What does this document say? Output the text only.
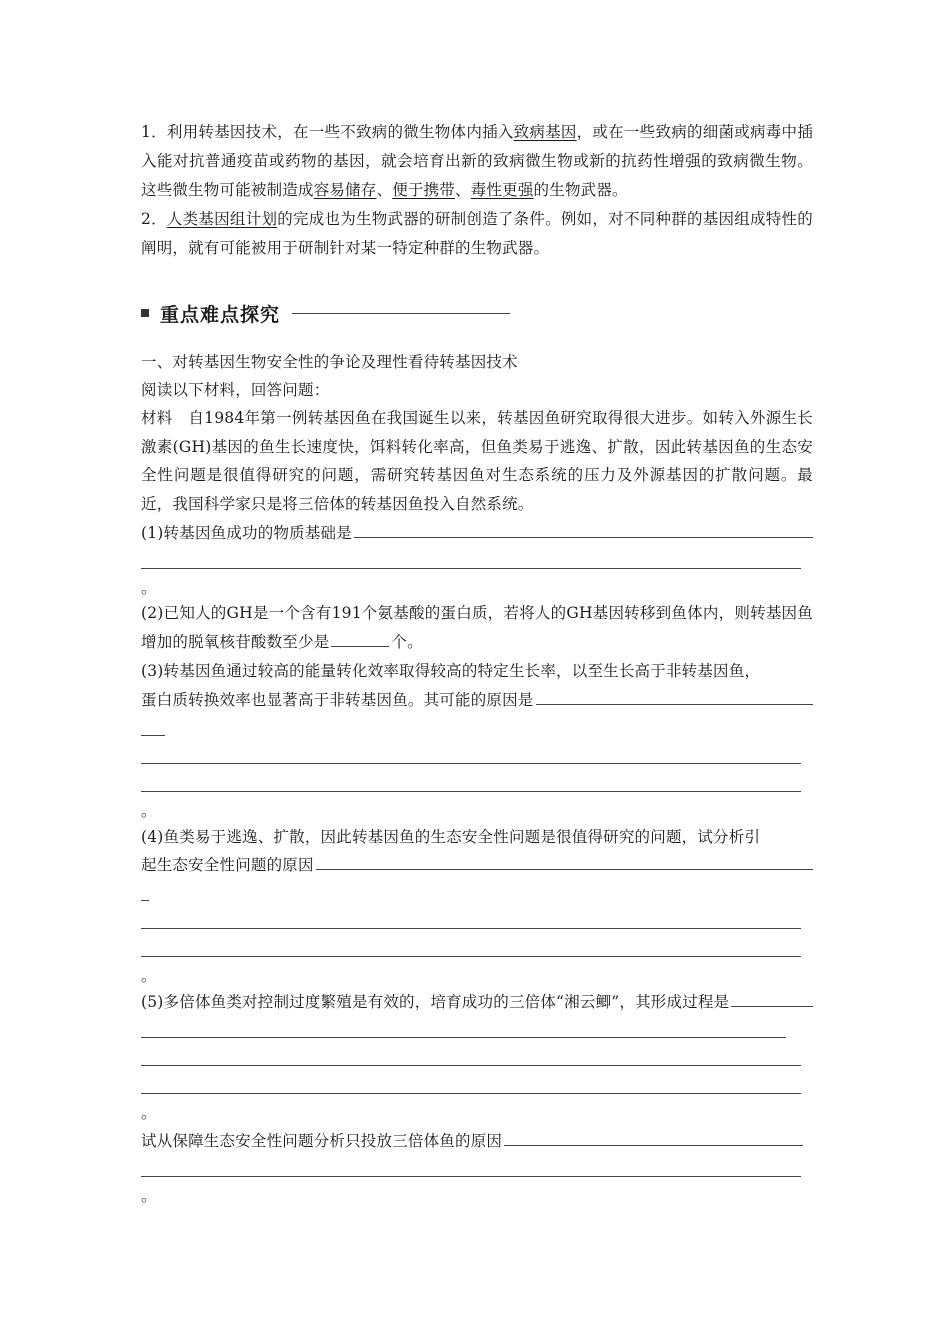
1．利用转基因技术，在一些不致病的微生物体内插入致病基因，或在一些致病的细菌或病毒中插入能对抗普通疫苗或药物的基因，就会培育出新的致病微生物或新的抗药性增强的致病微生物。这些微生物可能被制造成容易储存、便于携带、毒性更强的生物武器。

2．人类基因组计划的完成也为生物武器的研制创造了条件。例如，对不同种群的基因组成特性的阐明，就有可能被用于研制针对某一特定种群的生物武器。

重点难点探究
一、对转基因生物安全性的争论及理性看待转基因技术
阅读以下材料，回答问题：

材料　自1984年第一例转基因鱼在我国诞生以来，转基因鱼研究取得很大进步。如转入外源生长激素(GH)基因的鱼生长速度快，饵料转化率高，但鱼类易于逃逸、扩散，因此转基因鱼的生态安全性问题是很值得研究的问题，需研究转基因鱼对生态系统的压力及外源基因的扩散问题。最近，我国科学家只是将三倍体的转基因鱼投入自然系统。

(1)转基因鱼成功的物质基础是
。

(2)已知人的GH是一个含有191个氨基酸的蛋白质，若将人的GH基因转移到鱼体内，则转基因鱼增加的脱氧核苷酸数至少是	个。

(3)转基因鱼通过较高的能量转化效率取得较高的特定生长率，以至生长高于非转基因鱼，
蛋白质转换效率也显著高于非转基因鱼。其可能的原因是
。
(4)鱼类易于逃逸、扩散，因此转基因鱼的生态安全性问题是很值得研究的问题，试分析引
起生态安全性问题的原因
。
(5)多倍体鱼类对控制过度繁殖是有效的，培育成功的三倍体“湘云鲫”，其形成过程是
。
试从保障生态安全性问题分析只投放三倍体鱼的原因
。
